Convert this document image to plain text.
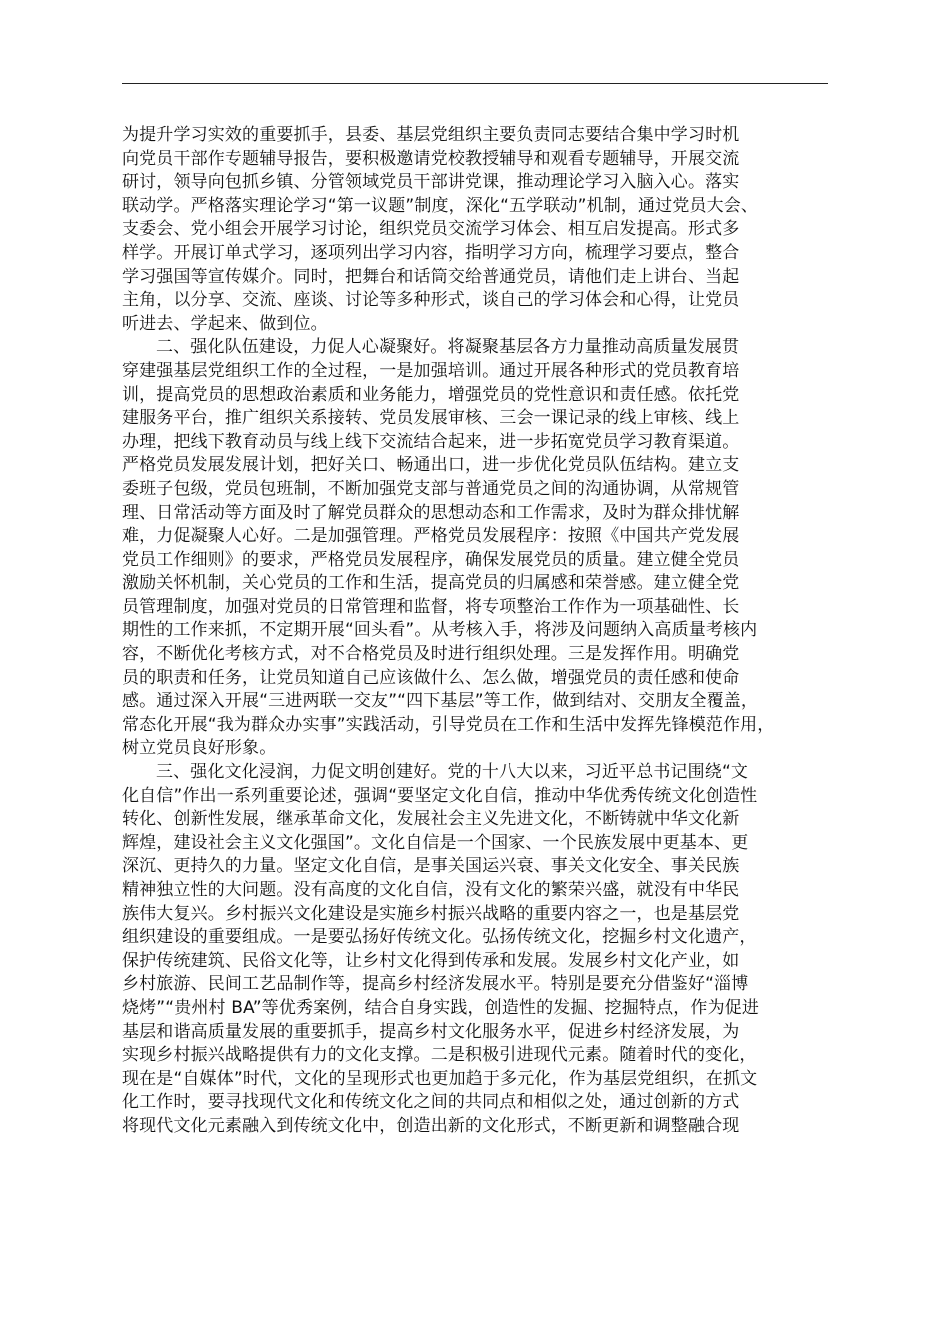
为提升学习实效的重要抓手，县委、基层党组织主要负责同志要结合集中学习时机
向党员干部作专题辅导报告，要积极邀请党校教授辅导和观看专题辅导，开展交流
研讨，领导向包抓乡镇、分管领域党员干部讲党课，推动理论学习入脑入心。落实
联动学。严格落实理论学习“第一议题”制度，深化“五学联动”机制，通过党员大会、
支委会、党小组会开展学习讨论，组织党员交流学习体会、相互启发提高。形式多
样学。开展订单式学习，逐项列出学习内容，指明学习方向，梳理学习要点，整合
学习强国等宣传媒介。同时，把舞台和话筒交给普通党员，请他们走上讲台、当起
主角，以分享、交流、座谈、讨论等多种形式，谈自己的学习体会和心得，让党员
听进去、学起来、做到位。
二、强化队伍建设，力促人心凝聚好。将凝聚基层各方力量推动高质量发展贯
穿建强基层党组织工作的全过程，一是加强培训。通过开展各种形式的党员教育培
训，提高党员的思想政治素质和业务能力，增强党员的党性意识和责任感。依托党
建服务平台，推广组织关系接转、党员发展审核、三会一课记录的线上审核、线上
办理，把线下教育动员与线上线下交流结合起来，进一步拓宽党员学习教育渠道。
严格党员发展发展计划，把好关口、畅通出口，进一步优化党员队伍结构。建立支
委班子包级，党员包班制，不断加强党支部与普通党员之间的沟通协调，从常规管
理、日常活动等方面及时了解党员群众的思想动态和工作需求，及时为群众排忧解
难，力促凝聚人心好。二是加强管理。严格党员发展程序：按照《中国共产党发展
党员工作细则》的要求，严格党员发展程序，确保发展党员的质量。建立健全党员
激励关怀机制，关心党员的工作和生活，提高党员的归属感和荣誉感。建立健全党
员管理制度，加强对党员的日常管理和监督，将专项整治工作作为一项基础性、长
期性的工作来抓，不定期开展“回头看”。从考核入手，将涉及问题纳入高质量考核内
容，不断优化考核方式，对不合格党员及时进行组织处理。三是发挥作用。明确党
员的职责和任务，让党员知道自己应该做什么、怎么做，增强党员的责任感和使命
感。通过深入开展“三进两联一交友”“四下基层”等工作，做到结对、交朋友全覆盖，
常态化开展“我为群众办实事”实践活动，引导党员在工作和生活中发挥先锋模范作用，
树立党员良好形象。
三、强化文化浸润，力促文明创建好。党的十八大以来，习近平总书记围绕“文
化自信”作出一系列重要论述，强调“要坚定文化自信，推动中华优秀传统文化创造性
转化、创新性发展，继承革命文化，发展社会主义先进文化，不断铸就中华文化新
辉煌，建设社会主义文化强国”。文化自信是一个国家、一个民族发展中更基本、更
深沉、更持久的力量。坚定文化自信，是事关国运兴衰、事关文化安全、事关民族
精神独立性的大问题。没有高度的文化自信，没有文化的繁荣兴盛，就没有中华民
族伟大复兴。乡村振兴文化建设是实施乡村振兴战略的重要内容之一，也是基层党
组织建设的重要组成。一是要弘扬好传统文化。弘扬传统文化，挖掘乡村文化遗产，
保护传统建筑、民俗文化等，让乡村文化得到传承和发展。发展乡村文化产业，如
乡村旅游、民间工艺品制作等，提高乡村经济发展水平。特别是要充分借鉴好“淄博
烧烤”“贵州村 BA”等优秀案例，结合自身实践，创造性的发掘、挖掘特点，作为促进
基层和谐高质量发展的重要抓手，提高乡村文化服务水平，促进乡村经济发展，为
实现乡村振兴战略提供有力的文化支撑。二是积极引进现代元素。随着时代的变化，
现在是“自媒体”时代，文化的呈现形式也更加趋于多元化，作为基层党组织，在抓文
化工作时，要寻找现代文化和传统文化之间的共同点和相似之处，通过创新的方式
将现代文化元素融入到传统文化中，创造出新的文化形式，不断更新和调整融合现
